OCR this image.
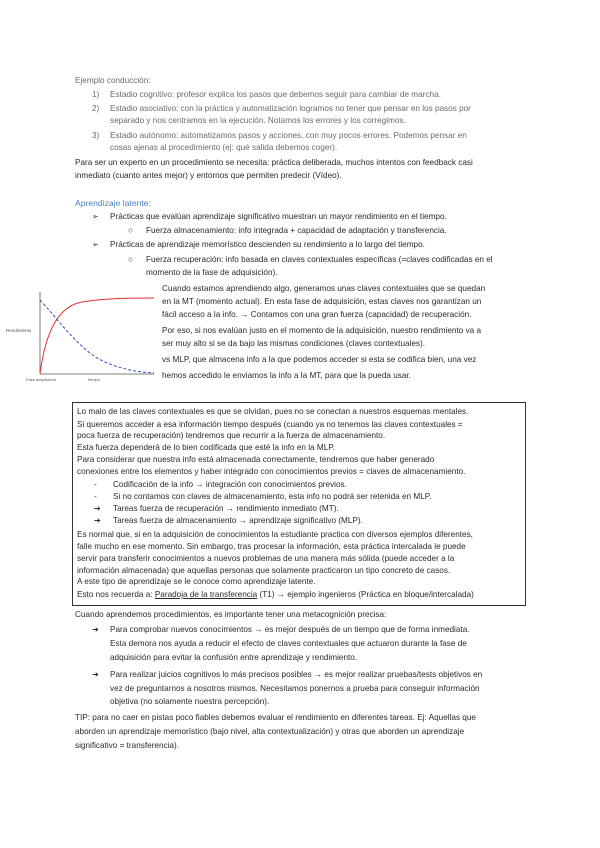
Ejemplo conducción:
1) Estadio cognitivo: profesor explica los pasos que debemos seguir para cambiar de marcha.
2) Estadio asociativo: con la práctica y automatización logramos no tener que pensar en los pasos por
separado y nos centramos en la ejecución. Notamos los errores y los corregimos.
3) Estadio autónomo: automatizamos pasos y acciones, con muy pocos errores. Podemos pensar en
cosas ajenas al procedimiento (ej: qué salida debemos coger).
Para ser un experto en un procedimiento se necesita: práctica deliberada, muchos intentos con feedback casi
inmediato (cuanto antes mejor) y entornos que permiten predecir (Vídeo).
Aprendizaje latente:
➢ Prácticas que evalúan aprendizaje significativo muestran un mayor rendimiento en el tiempo.
○ Fuerza almacenamiento: info integrada + capacidad de adaptación y transferencia.
➢ Prácticas de aprendizaje memorístico descienden su rendimiento a lo largo del tiempo.
○ Fuerza recuperación: info basada en claves contextuales específicas (=claves codificadas en el
momento de la fase de adquisición).
Rendimiento
Fase adquisición	tiempo
Cuando estamos aprendiendo algo, generamos unas claves contextuales que se quedan
en la MT (momento actual). En esta fase de adquisición, estas claves nos garantizan un
fácil acceso a la info. → Contamos con una gran fuerza (capacidad) de recuperación.
Por eso, si nos evalúan justo en el momento de la adquisición, nuestro rendimiento va a
ser muy alto si se da bajo las mismas condiciones (claves contextuales).
vs MLP, que almacena info a la que podemos acceder si esta se codifica bien, una vez
hemos accedido le enviamos la info a la MT, para que la pueda usar.
Lo malo de las claves contextuales es que se olvidan, pues no se conectan a nuestros esquemas mentales.
Si queremos acceder a esa información tiempo después (cuando ya no tenemos las claves contextuales =
poca fuerza de recuperación) tendremos que recurrir a la fuerza de almacenamiento.
Esta fuerza dependerá de lo bien codificada que esté la info en la MLP.
Para considerar que nuestra info está almacenada correctamente, tendremos que haber generado
conexiones entre los elementos y haber integrado con conocimientos previos = claves de almacenamiento.
- Codificación de la info → integración con conocimientos previos.
- Si no contamos con claves de almacenamiento, esta info no podrá ser retenida en MLP.
➔ Tareas fuerza de recuperación → rendimiento inmediato (MT).
➔ Tareas fuerza de almacenamiento → aprendizaje significativo (MLP).
Es normal que, si en la adquisición de conocimientos la estudiante practica con diversos ejemplos diferentes,
falle mucho en ese momento. Sin embargo, tras procesar la información, esta práctica intercalada le puede
servir para transferir conocimientos a nuevos problemas de una manera más sólida (puede acceder a la
información almacenada) que aquellas personas que solamente practicaron un tipo concreto de casos.
A este tipo de aprendizaje se le conoce como aprendizaje latente.
Esto nos recuerda a: Paradoja de la transferencia (T1) → ejemplo ingenieros (Práctica en bloque/intercalada)
Cuando aprendemos procedimientos, es importante tener una metacognición precisa:
➔ Para comprobar nuevos conocimientos → es mejor después de un tiempo que de forma inmediata.
Esta demora nos ayuda a reducir el efecto de claves contextuales que actuaron durante la fase de
adquisición para evitar la confusión entre aprendizaje y rendimiento.
➔ Para realizar juicios cognitivos lo más precisos posibles → es mejor realizar pruebas/tests objetivos en
vez de preguntarnos a nosotros mismos. Necesitamos ponernos a prueba para conseguir información
objetiva (no solamente nuestra percepción).
TIP: para no caer en pistas poco fiables debemos evaluar el rendimiento en diferentes tareas. Ej: Aquellas que
aborden un aprendizaje memorístico (bajo nivel, alta contextualización) y otras que aborden un aprendizaje
significativo = transferencia).
